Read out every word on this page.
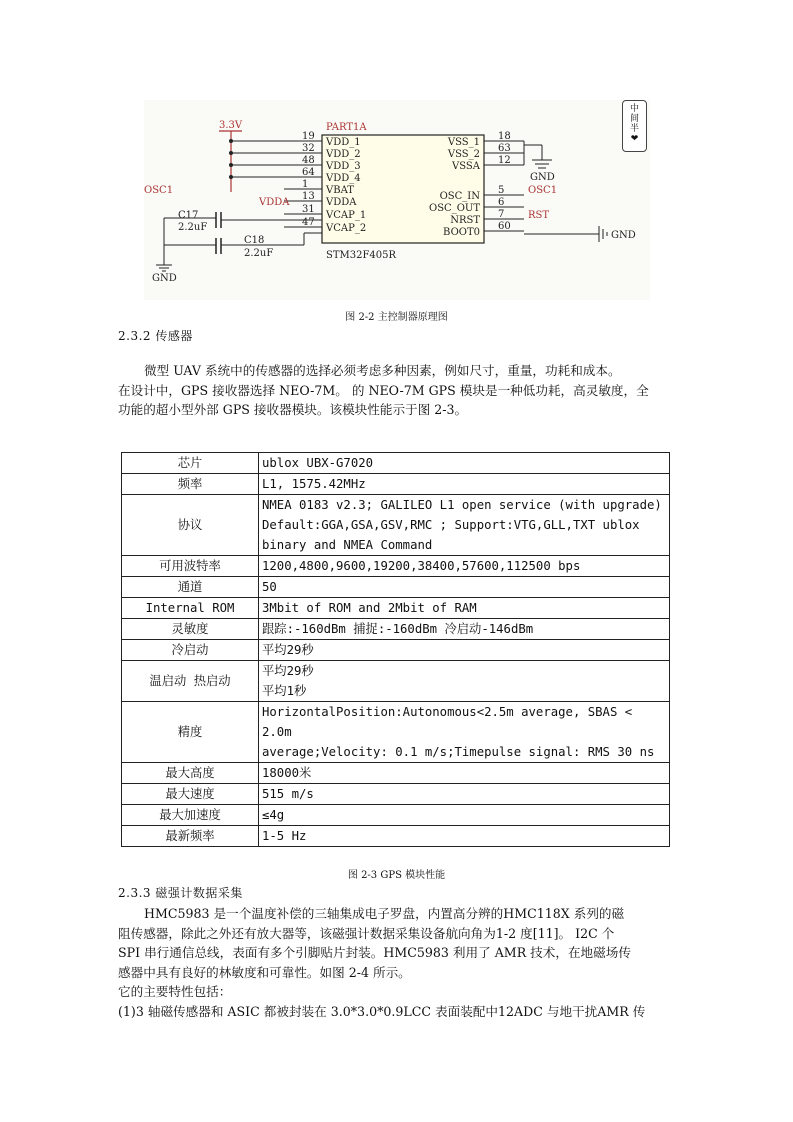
3.3V	PART1A
STM32F405R
19
VDD_1
32
VDD_2
48
VDD_3
64
VDD_4
1
VBAT
13
VDDA
31
VCAP_1
47
VCAP_2
18
VSS_1
63
VSS_2
12
VSSA
5
OSC_IN
6
OSC_OUT
7
NRST
60
BOOT0
VDDA
OSC1	OSC1
RST
C17
2.2uF
C18
2.2uF
GND
GND
GND
中
间
半
❤
图 2-2 主控制器原理图
2.3.2 传感器

微型 UAV 系统中的传感器的选择必须考虑多种因素，例如尺寸，重量，功耗和成本。

在设计中，GPS 接收器选择 NEO-7M。 的 NEO-7M GPS 模块是一种低功耗，高灵敏度，全

功能的超小型外部 GPS 接收器模块。该模块性能示于图 2-3。

芯片	ublox UBX-G7020

频率	L1, 1575.42MHz

协议	NMEA 0183 v2.3; GALILEO L1 open service (with upgrade)
Default:GGA,GSA,GSV,RMC ; Support:VTG,GLL,TXT ublox
binary and NMEA Command

可用波特率	1200,4800,9600,19200,38400,57600,112500 bps

通道	50

Internal ROM	3Mbit of ROM and 2Mbit of RAM

灵敏度	跟踪:-160dBm 捕捉:-160dBm 冷启动-146dBm

冷启动	平均29秒

温启动 热启动	平均29秒
平均1秒

精度	HorizontalPosition:Autonomous<2.5m average, SBAS < 2.0m
average;Velocity: 0.1 m/s;Timepulse signal: RMS 30 ns

最大高度	18000米

最大速度	515 m/s

最大加速度	≤4g

最新频率	1-5 Hz
图 2-3 GPS 模块性能
2.3.3 磁强计数据采集

HMC5983 是一个温度补偿的三轴集成电子罗盘，内置高分辨的HMC118X 系列的磁

阻传感器，除此之外还有放大器等，该磁强计数据采集设备航向角为1-2 度[11]。 I2C 个

SPI 串行通信总线，表面有多个引脚贴片封装。HMC5983 利用了 AMR 技术，在地磁场传

感器中具有良好的林敏度和可靠性。如图 2-4 所示。

它的主要特性包括：

(1)3 轴磁传感器和 ASIC 都被封装在 3.0*3.0*0.9LCC 表面装配中12ADC 与地干扰AMR 传
